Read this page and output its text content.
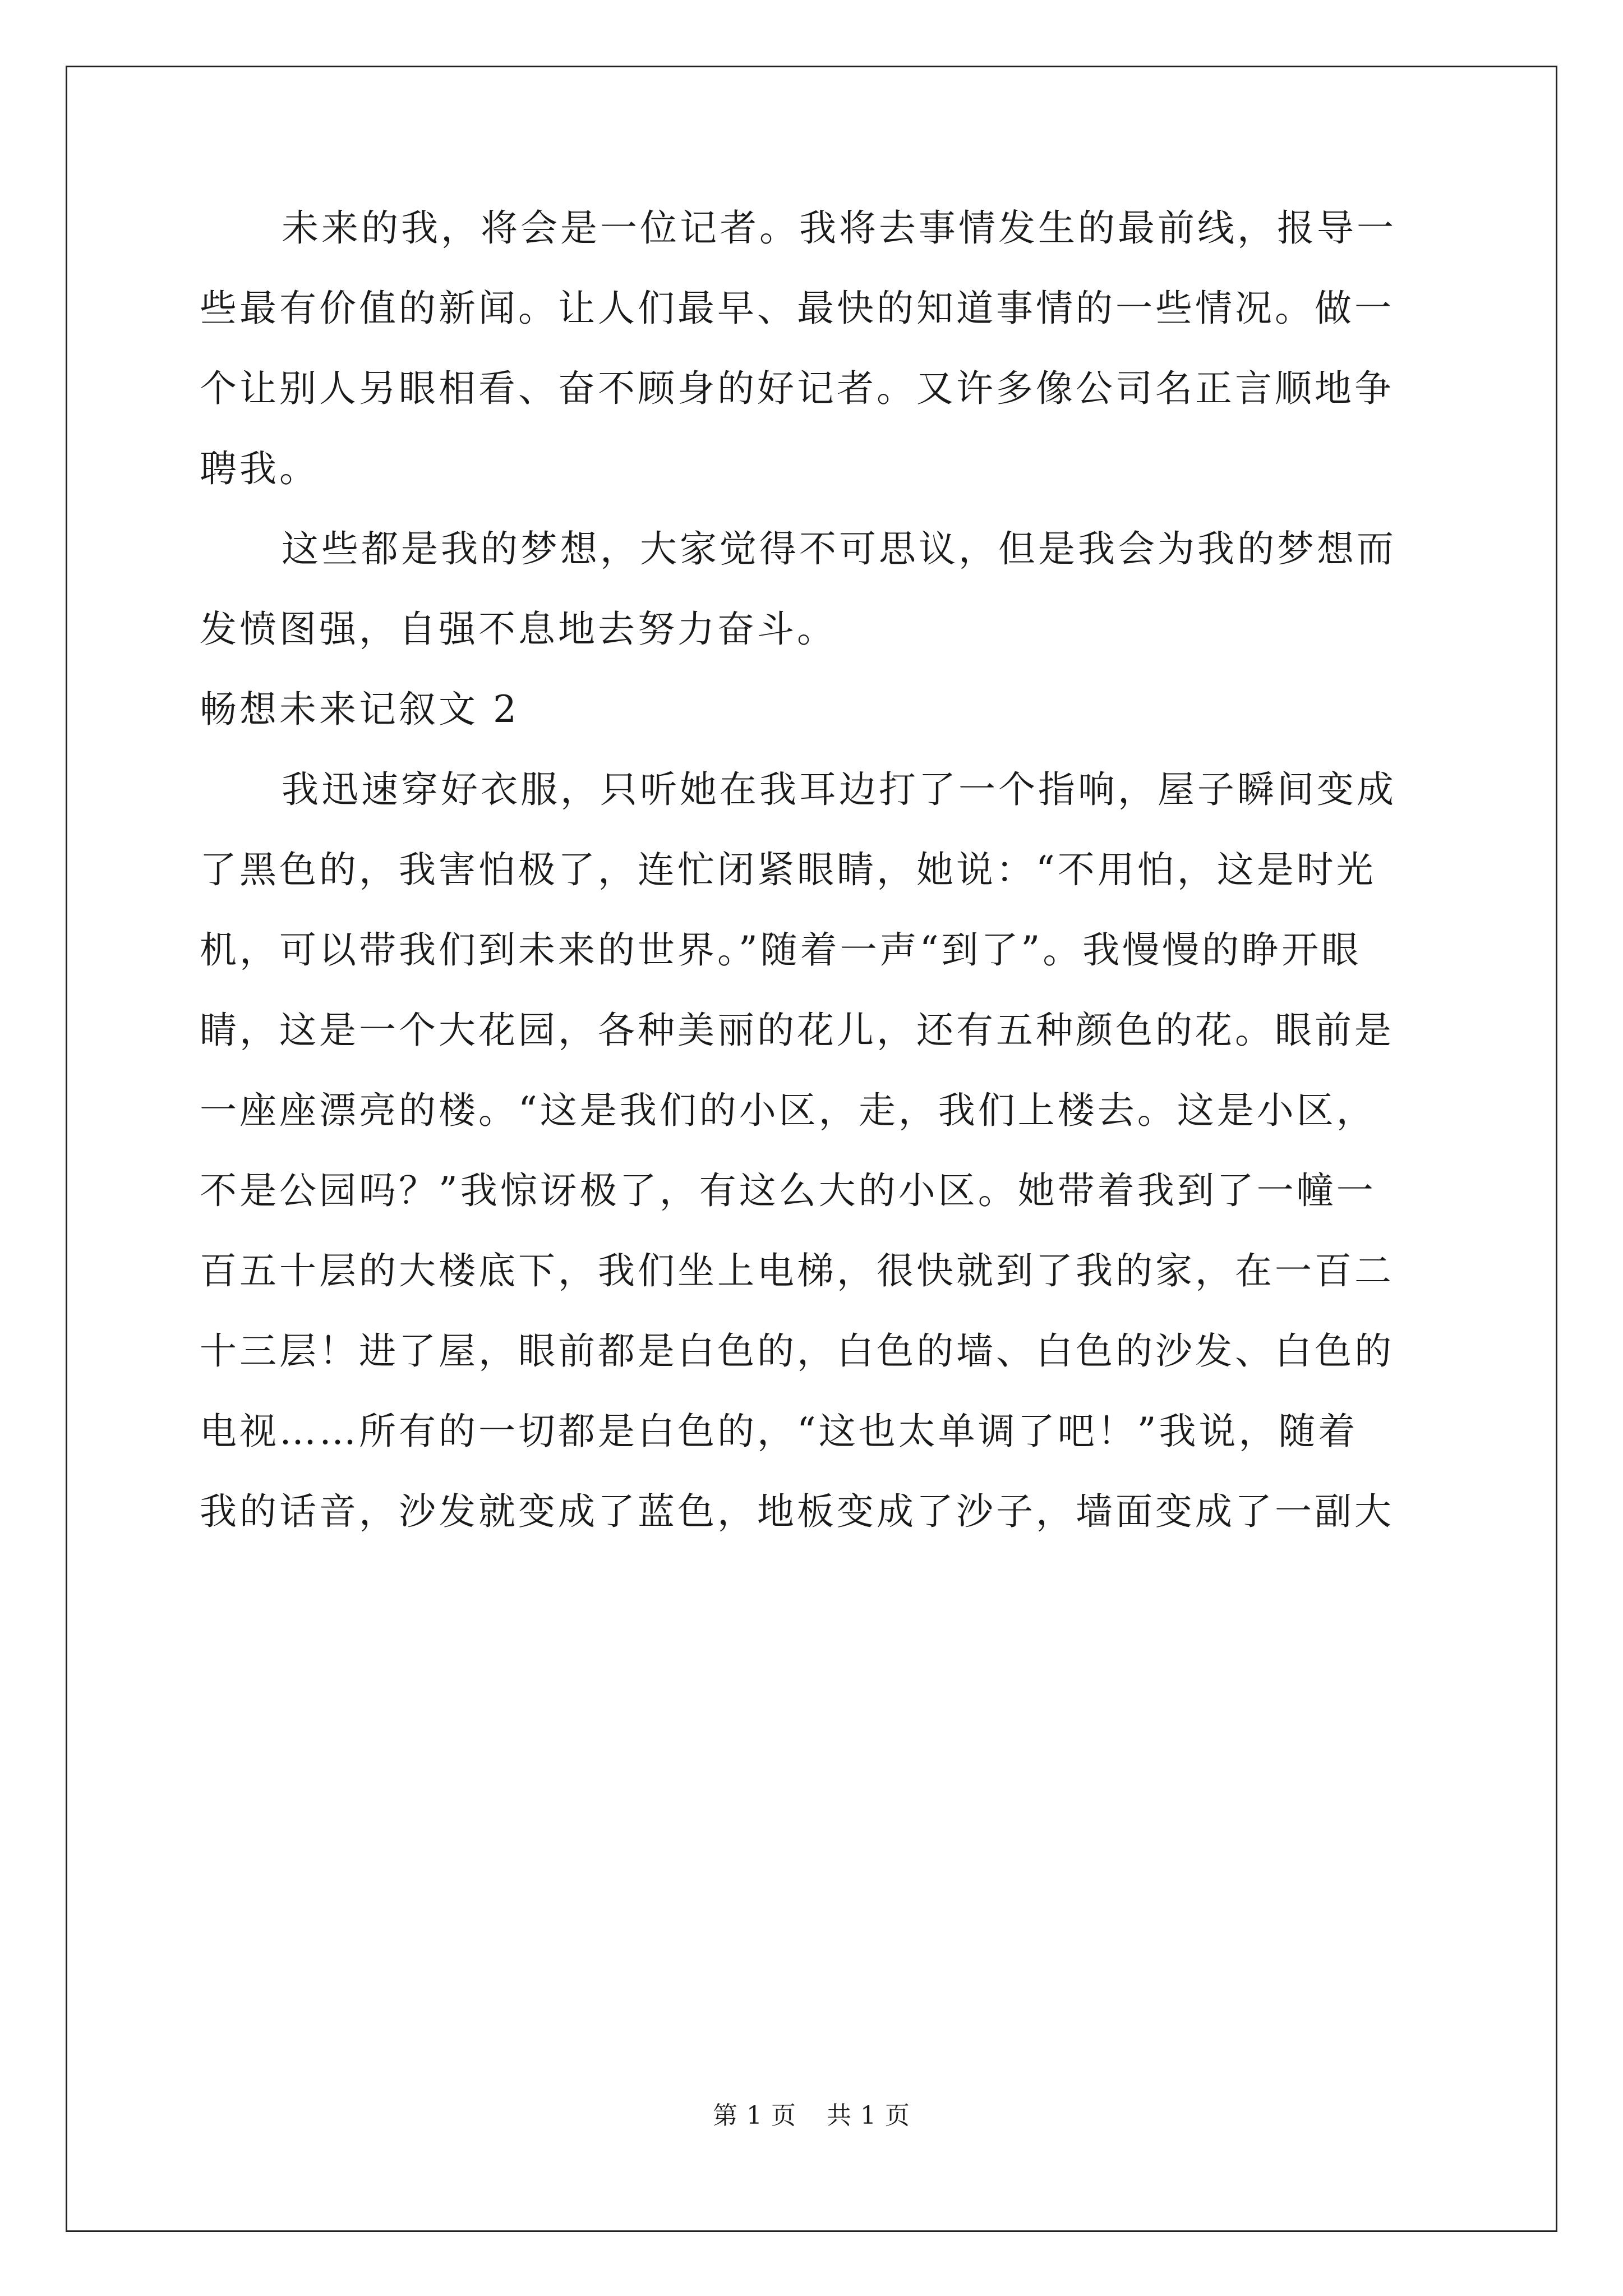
未来的我，将会是一位记者。我将去事情发生的最前线，报导一
些最有价值的新闻。让人们最早、最快的知道事情的一些情况。做一
个让别人另眼相看、奋不顾身的好记者。又许多像公司名正言顺地争
聘我。
这些都是我的梦想，大家觉得不可思议，但是我会为我的梦想而
发愤图强，自强不息地去努力奋斗。
畅想未来记叙文 2
我迅速穿好衣服，只听她在我耳边打了一个指响，屋子瞬间变成
了黑色的，我害怕极了，连忙闭紧眼睛，她说：“不用怕，这是时光
机，可以带我们到未来的世界。”随着一声“到了”。我慢慢的睁开眼
睛，这是一个大花园，各种美丽的花儿，还有五种颜色的花。眼前是
一座座漂亮的楼。“这是我们的小区，走，我们上楼去。这是小区，
不是公园吗？”我惊讶极了，有这么大的小区。她带着我到了一幢一
百五十层的大楼底下，我们坐上电梯，很快就到了我的家，在一百二
十三层！进了屋，眼前都是白色的，白色的墙、白色的沙发、白色的
电视……所有的一切都是白色的，“这也太单调了吧！”我说，随着
我的话音，沙发就变成了蓝色，地板变成了沙子，墙面变成了一副大
第 1 页 共 1 页
